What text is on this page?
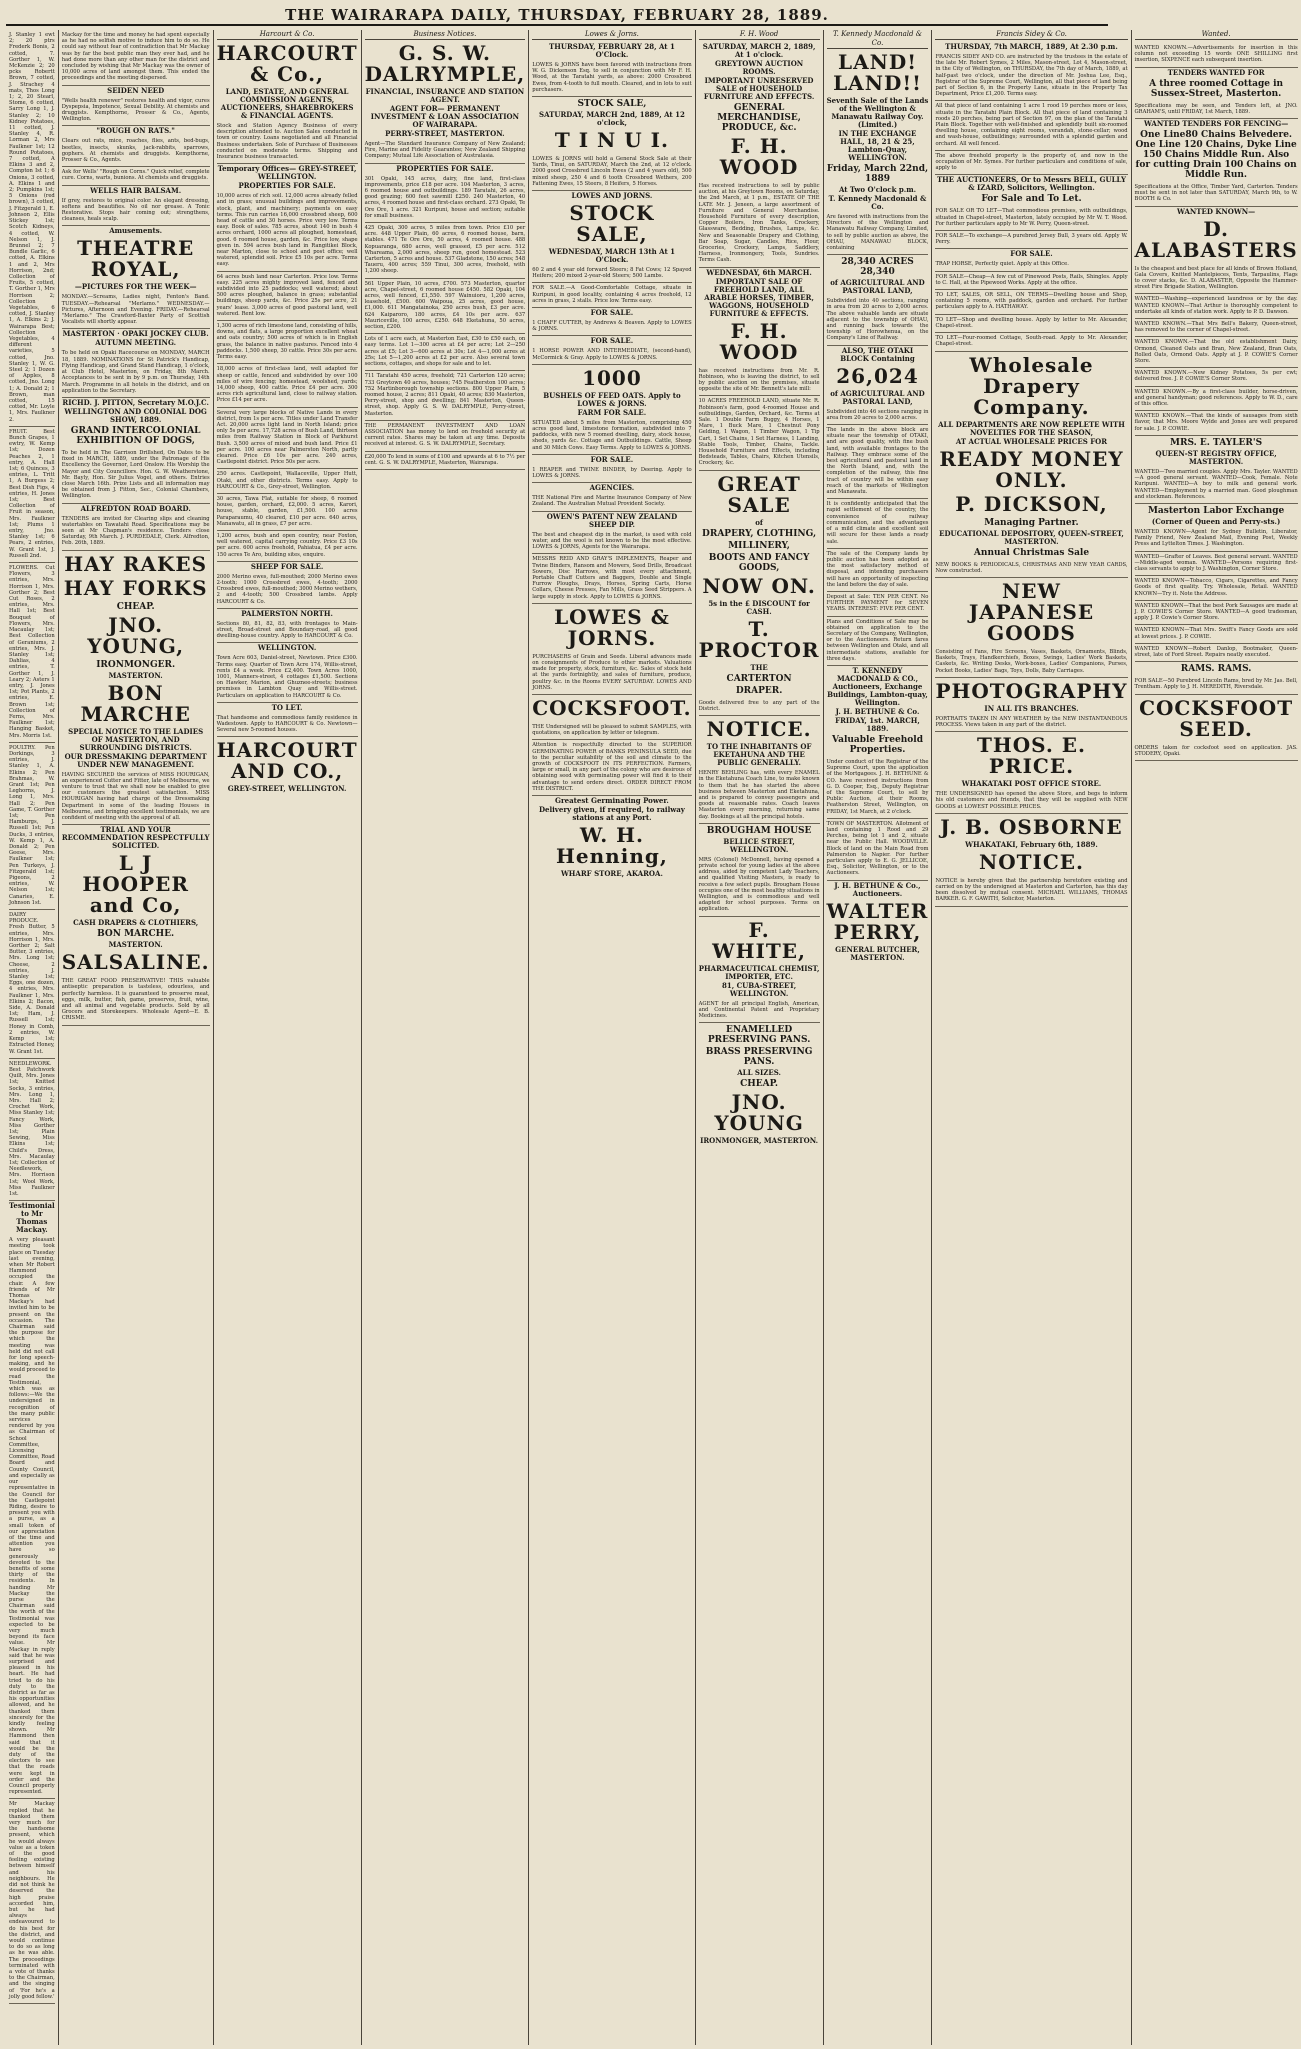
THE WAIRARAPA DAILY, THURSDAY, FEBRUARY 28, 1889.
J. Stanley 1 ewt 2; 20 ptrs Frederk Bonis, 2 cotted, 7. Gorther 1, W. McKenzie 2; 20 pcks Robertt Brown, 7 cotted, J. Strachey 4 mats, Thos Long 1; 2, 20 Stearl, Stome, 6 cotted, Sarry Long 1, J. Stanley 2; 10 Kidney Potatoes, 11 cotted, J. Stanley 4, R. Lorman 2, Mrs Faulkner 1st; 12 Round Potatoes, 7 cotted, A Elkins 3 and 2, Compton Ist 1; 6 Onions, 3 cotted, A. Elkins 1 and 2; Pumpkins 1st; 5 Onions (red brown), 3 cotted, J. Fitzgerald 1, E. Johnson 2, Ellis Stickey 1st; Scotch Kidneys, 4 cotted, W. Nelson 1, J. Brunnel 2; 7 Bundle Garlic, 6 cotted, A. Elkins 1 and 2, Mrs Horrison, 2nd; Collection of Fruits, 5 cotted, T. Gorther 1, Mrs Horrison 2; Collection Vegetables, 6 cotted, J. Stanley 1, A. Elkins 2; J. Wairarapa Best; Collection Vegetables, 4 different varieties, 5 cotted, Jno. Stanley 1, W. G. Steel 2; 1 Dozen of Apples, 8 cotted, Jno. Long 1; A. Donald 2; 1 Brown, man cotted, 15 cotted, Mr. Loyle 1, Mrs. Faulkner 2.
FRUIT. Best Bunch Grapes, 1 ewtry, W. Kemp 1st; Dozen Peaches 2, 1 entry, A. Hall 1st; 6 Quinces, 3 entries, L. Tritt 1, A Burgess 2; Best Dish Figs, 4 entries, H. Jones 1st; Best Collection of Fruit in season, Mrs. Faulkner 1st; Plums 1 entry, Jno. Stanley 1st; 6 Pears, 2 entries, W. Grant 1st, J. Russell 2nd.
FLOWERS. Cut Flowers, 3 entries, Mrs. Horrison 1, Mrs. Gorther 2; Best Cut Roses, 2 entries, Mrs. Hall 1st; Best Bouquet of Flowers, Mrs. Macaulay 1st; Best Collection of Geraniums, 2 entries, Mrs. J. Stanley 1st; Dahlias, 4 entries, T. Gorther 1, J. Leary 2; Asters 1 entry, J. Jones 1st; Pot Plants, 2 entries, E. Brown 1st; Collection of Ferns, Mrs. Faulkner 1st; Hanging Basket, Mrs. Morris 1st.
POULTRY. Pen Dorkings, 3 entries, J. Stanley 1, A. Elkins 2; Pen Brahmas, W. Grant 1st; Pen Leghorns, J. Long 1, Mrs. Hall 2; Pen Game, T. Gorther 1st; Pen Hamburgs, J. Russell 1st; Pen Ducks, 3 entries, W. Kemp 1, A. Donald 2; Pen Geese, Mrs. Faulkner 1st; Pen Turkeys, J. Fitzgerald 1st; Pigeons, 2 entries, W. Nelson 1st; Canaries, E. Johnson 1st.
DAIRY PRODUCE. Fresh Butter, 5 entries, Mrs. Horrison 1, Mrs. Gorther 2; Salt Butter, 3 entries, Mrs. Long 1st; Cheese, 2 entries, J. Stanley 1st; Eggs, one dozen, 4 entries, Mrs. Faulkner 1, Mrs. Elkins 2; Bacon, Side, A. Donald 1st; Ham, J. Russell 1st; Honey in Comb, 2 entries, W. Kemp 1st; Extracted Honey, W. Grant 1st.
NEEDLEWORK. Best Patchwork Quilt, Mrs. Jones 1st; Knitted Socks, 3 entries, Mrs. Long 1, Mrs. Hall 2; Crochet Work, Miss Stanley 1st; Fancy Work, Miss Gorther 1st; Plain Sewing, Miss Elkins 1st; Child's Dress, Mrs. Macaulay 1st; Collection of Needlework, Mrs. Horrison 1st; Wool Work, Miss Faulkner 1st.
Testimonial to Mr Thomas Mackay.
A very pleasant meeting took place on Tuesday last evening, when Mr Robert Hammond occupied the chair. A few friends of Mr Thomas Mackay's had invited him to be present on the occasion. The Chairman said the purpose for which the meeting was held did not call for long speech-making, and he would proceed to read the Testimonial, which was as follows:—We the undersigned in recognition of the many public services rendered by you as Chairman of School Committee, Licensing Committee, Road Board and County Council, and especially as our representative in the Council for the Castlepoint Riding, desire to present you with a purse, as a small token of our appreciation of the time and attention you have so generously devoted to the benefits of some thirty of the residents. In handing Mr Mackay the purse the Chairman said the worth of the Testimonial was expected to be very much beyond its face value. Mr Mackay in reply said that he was surprised and pleased in his heart. He had tried to do his duty to the district as far as his opportunities allowed, and he thanked them sincerely for the kindly feeling shown. Mr Hammond then said that it would be the duty of the electors to see that the roads were kept in order and the Council properly represented.
Mr Mackay replied that he thanked them very much for the handsome present, which he would always value as a token of the good feeling existing between himself and his neighbours. He did not think he deserved the high praise accorded him, but he had always endeavoured to do his best for the district, and would continue to do so as long as he was able. The proceedings terminated with a vote of thanks to the Chairman, and the singing of 'For he's a jolly good fellow.'
Mackay for the time and money he had spent especially as he had no selfish motive to induce him to do so. He could say without fear of contradiction that Mr Mackay was by far the best public man they ever had, and he had done more than any other man for the district and concluded by wishing that Mr Mackay was the owner of 10,000 acres of land amongst them. This ended the proceedings and the meeting dispersed.
SEIDEN NEED
"Wells health renewer" restores health and vigor, cures Dyspepsia, Impotence, Sexual Debility. At chemists and druggists. Kempthorne, Prosser & Co., Agents, Wellington.
"ROUGH ON RATS."
Clears out rats, mice, roaches, flies, ants, bed-bugs, beetles, insects, skunks, jack-rabbits, sparrows, gophers. At chemists and druggists. Kempthorne, Prosser & Co., Agents.
Ask for Wells' "Rough on Corns." Quick relief, complete cure. Corns, warts, bunions. At chemists and druggists.
WELLS HAIR BALSAM.
If grey, restores to original color. An elegant dressing, softens and beautifies. No oil nor grease. A Tonic Restorative. Stops hair coming out; strengthens, cleanses, heals scalp.
Amusements.
THEATRE ROYAL,
—PICTURES FOR THE WEEK—
MONDAY.—Screams, Ladies night, Fenton's Band. TUESDAY.—Rehearsal "Merlamo." WEDNESDAY.—Pictures, Afternoon and Evening. FRIDAY.—Rehearsal "Merlamo." The Crawford-Baxter Party of Scottish Vocalists will shortly appear.
MASTERTON · OPAKI JOCKEY CLUB.
AUTUMN MEETING.
To be held on Opaki Racecourse on MONDAY, MARCH 18, 1889. NOMINATIONS for St Patrick's Handicap, Flying Handicap, and Grand Stand Handicap, 1 o'clock, at Club Hotel, Masterton, on Friday, 8th March. Acceptances to be sent in by 9 p.m. on Thursday, 14th March. Programme in all hotels in the district, and on application to the Secretary.
RICHD. J. PITTON, Secretary M.O.J.C.
WELLINGTON AND COLONIAL DOG SHOW, 1889.
GRAND INTERCOLONIAL EXHIBITION OF DOGS,
To be held in The Garrison Drillshed, On Dates to be fixed in MARCH, 1889, under the Patronage of His Excellency the Governor, Lord Onslow. His Worship the Mayor and City Councillors. Hon. G. W. Weatherstone, Mr. Bayly, Hon. Sir Julius Vogel, and others. Entries close March 16th. Prize Lists and all information may be obtained from J. Fitton, Sec., Colonial Chambers, Wellington.
ALFREDTON ROAD BOARD.
TENDERS are invited for Clearing slips and cleaning watertables on Tawatahi Road. Specifications may be seen at Mr Chapman's residence. Tenders close Saturday, 9th March. J. PURDEDALE, Clerk. Alfredton, Feb. 26th, 1889.
HAY RAKES
HAY FORKS
CHEAP.
JNO. YOUNG,
IRONMONGER.
MASTERTON.
BON MARCHE
SPECIAL NOTICE TO THE LADIES OF MASTERTON, AND SURROUNDING DISTRICTS.
OUR DRESSMAKING DEPARTMENT UNDER NEW MANAGEMENT.
HAVING SECURED the services of MISS HOURIGAN, an experienced Cutter and Fitter, late of Melbourne, we venture to trust that we shall now be enabled to give our customers the greatest satisfaction. MISS HOURIGAN having had charge of the Dressmaking Department in some of the leading Houses in Melbourne, and bringing excellent testimonials, we are confident of meeting with the approval of all.
TRIAL AND YOUR RECOMMENDATION RESPECTFULLY SOLICITED.
L J HOOPER and Co,
CASH DRAPERS & CLOTHIERS,
BON MARCHE.
MASTERTON.
SALSALINE.
THE GREAT FOOD PRESERVATIVE! THIS valuable antiseptic preparation is tasteless, odourless, and perfectly harmless. It is guaranteed to preserve meat, eggs, milk, butter, fish, game, preserves, fruit, wine, and all animal and vegetable products. Sold by all Grocers and Storekeepers. Wholesale Agent—E. B. CRISME.
Harcourt & Co.
HARCOURT & Co.,
LAND, ESTATE, AND GENERAL COMMISSION AGENTS, AUCTIONEERS, SHAREBROKERS & FINANCIAL AGENTS.
Stock and Station Agency Business of every description attended to. Auction Sales conducted in town or country. Loans negotiated and all Financial Business undertaken. Sole of Purchase of Businesses conducted on moderate terms. Shipping and Insurance business transacted.
Temporary Offices— GREY-STREET, WELLINGTON.
PROPERTIES FOR SALE.
10,000 acres of rich soil. 12,000 acres already felled and in grass; unusual buildings and improvements, stock, plant, and machinery; payments on easy terms. This run carries 16,000 crossbred sheep, 600 head of cattle and 30 horses. Price very low. Terms easy. Book of sales. 785 acres, about 140 in bush 4 acres orchard, 1000 acres all ploughed, homestead, good. 6 roomed house, garden, &c. Price low, shape given in. 594 acres bush land in Rangitikei Block, near Marton, close to school and post office; well watered, splendid soil. Price £5 10s per acre. Terms easy.
64 acres bush land near Carterton. Price low. Terms easy. 225 acres mighty improved land, fenced and subdivided into 25 paddocks; well watered; about 500 acres ploughed, balance in grass; substantial buildings, sheep yards, &c. Price 25s per acre, 21 years' lease. 3,000 acres of good pastoral land, well watered. Rent low.
1,300 acres of rich limestone land, consisting of hills, downs, and flats, a large proportion excellent wheat and oats country; 500 acres of which is in English grass, the balance in native pastures. Fenced into 4 paddocks. 1,500 sheep, 30 cattle. Price 30s per acre. Terms easy.
18,000 acres of first-class land, well adapted for sheep or cattle, fenced and subdivided by over 100 miles of wire fencing; homestead, woolshed, yards; 14,000 sheep, 400 cattle. Price £4 per acre. 300 acres rich agricultural land, close to railway station. Price £14 per acre.
Several very large blocks of Native Lands in every district, from 1s per acre. Titles under Land Transfer Act. 20,000 acres light land in North Island; price only 5s per acre. 17,728 acres of Bush Land, thirteen miles from Railway Station in Block of Parkhurst Bush. 3,500 acres of mixed and bush land. Price £1 per acre. 100 acres near Palmerston North, partly cleared. Price £6 10s per acre. 240 acres, Castlepoint district. Price 50s per acre.
250 acres. Castlepoint, Wallaceville, Upper Hutt, Otaki, and other districts. Terms easy. Apply to HARCOURT & Co., Grey-street, Wellington.
30 acres, Tawa Flat, suitable for sheep, 6 roomed house, garden, orchard, £2,000. 5 acres, Karori, house, stable, garden, £1,500. 100 acres Paraparaumu, 40 cleared, £10 per acre. 640 acres, Manawatu, all in grass, £7 per acre.
1,200 acres, bush and open country, near Foxton, well watered, capital carrying country. Price £3 10s per acre. 600 acres freehold, Pahiatua, £4 per acre. 150 acres Te Aro, building sites, enquire.
SHEEP FOR SALE.
2000 Merino ewes, full-mouthed; 2000 Merino ewes 2-tooth; 1000 Crossbred ewes, 4-tooth; 2000 Crossbred ewes, full-mouthed; 3000 Merino wethers, 2 and 4-tooth; 500 Crossbred lambs. Apply HARCOURT & Co.
PALMERSTON NORTH.
Sections 80, 81, 82, 83, with frontages to Main-street, Broad-street and Boundary-road, all good dwelling-house country. Apply to HARCOURT & Co.
WELLINGTON.
Town Acre 603, Daniel-street, Newtown. Price £300. Terms easy. Quarter of Town Acre 174, Willis-street, rents £4 a week. Price £2,400. Town Acres 1000, 1001, Manners-street, 4 cottages £1,500. Sections on Hawker, Marion, and Ghuznee-streets; business premises in Lambton Quay and Willis-street. Particulars on application to HARCOURT & Co.
TO LET.
That handsome and commodious family residence in Wadestown. Apply to HARCOURT & Co. Newtown—Several new 5-roomed houses.
HARCOURT AND CO.,
GREY-STREET, WELLINGTON.
Business Notices.
G. S. W. DALRYMPLE,
FINANCIAL, INSURANCE AND STATION AGENT.
AGENT FOR— PERMANENT INVESTMENT & LOAN ASSOCIATION OF WAIRARAPA.
PERRY-STREET, MASTERTON.
Agent—The Standard Insurance Company of New Zealand; Fire, Marine and Fidelity Guarantee; New Zealand Shipping Company; Mutual Life Association of Australasia.
PROPERTIES FOR SALE.
301 Opaki, 145 acres, dairy, fine land, first-class improvements, price £18 per acre. 104 Masterton, 3 acres, 6 roomed house and outbuildings. 189 Taratahi, 26 acres, good grazing; 600 feet sawmill £250. 240 Masterton, 40 acres, 4 roomed house and first-class orchard. 273 Opaki, Te Ore Ore, 1 acre. 321 Kuripuni, house and section; suitable for small business.
425 Opaki, 300 acres, 5 miles from town. Price £10 per acre. 448 Upper Plain, 60 acres, 6 roomed house, barn, stables. 471 Te Ore Ore, 50 acres, 4 roomed house. 488 Kopuaranga, 680 acres, well grassed, £5 per acre. 512 Whareama, 2,000 acres, sheep run, good homestead. 523 Carterton, 5 acres and house. 537 Gladstone, 150 acres; 548 Taueru, 400 acres; 559 Tinui, 300 acres, freehold, with 1,200 sheep.
561 Upper Plain, 10 acres, £700. 573 Masterton, quarter acre, Chapel-street, 6 roomed house £450. 582 Opaki, 104 acres, well fenced, £1,550. 597 Wainuioru, 1,200 acres, leasehold, £500. 600 Waipoua, 25 acres, good house, £1,000. 611 Mangatainoka, 250 acres bush, £3 per acre. 624 Kaiparoro, 180 acres, £4 10s per acre. 637 Mauriceville, 100 acres, £250. 648 Eketahuna, 50 acres, section, £200.
Lots of 1 acre each, at Masterton East, £30 to £50 each, on easy terms. Lot 1—300 acres at £4 per acre; Lot 2—250 acres at £5; Lot 3—600 acres at 30s; Lot 4—1,000 acres at 25s; Lot 5—1,200 acres at £2 per acre. Also several town sections, cottages, and shops for sale and to let.
711 Taratahi 450 acres, freehold; 721 Carterton 120 acres; 733 Greytown 40 acres, houses; 745 Featherston 100 acres; 752 Martinborough township sections. 800 Upper Plain, 5 roomed house, 2 acres; 811 Opaki, 40 acres; 830 Masterton, Perry-street, shop and dwelling; 841 Masterton, Queen-street, shop. Apply G. S. W. DALRYMPLE, Perry-street, Masterton.
THE PERMANENT INVESTMENT AND LOAN ASSOCIATION has money to lend on freehold security at current rates. Shares may be taken at any time. Deposits received at interest. G. S. W. DALRYMPLE, Secretary.
£20,000 To lend in sums of £100 and upwards at 6 to 7½ per cent. G. S. W. DALRYMPLE, Masterton, Wairarapa.
Lowes & Jorns.
THURSDAY, FEBRUARY 28, At 1 O'Clock.
LOWES & JORNS have been favored with instructions from W. G. Dickenson Esq. to sell in conjunction with Mr F. H. Wood, at the Taratahi yards, as above: 2000 Crossbred Ewes, from 4-tooth to full mouth. Cleared, and in lots to suit purchasers.
STOCK SALE,
SATURDAY, MARCH 2nd, 1889, At 12 o'clock,
T I N U I.
LOWES & JORNS will hold a General Stock Sale at their Yards, Tinui, on SATURDAY, March the 2nd, at 12 o'clock. 2000 good Crossbred Lincoln Ewes (2 and 4 years old), 500 mixed sheep, 250 4 and 6 tooth Crossbred Wethers, 200 Fattening Ewes, 15 Steers, 8 Heifers, 5 Horses.
LOWES AND JORNS.
STOCK SALE,
WEDNESDAY, MARCH 13th At 1 O'Clock.
60 2 and 4 year old forward Steers; 8 Fat Cows; 12 Spayed Heifers; 200 mixed 2-year-old Steers; 500 Lambs.
FOR SALE.—A Good-Comfortable Cottage, situate in Kuripuni, in good locality, containing 4 acres freehold, 12 acres in grass, 2 stalls. Price low. Terms easy.
FOR SALE.
1 CHAFF CUTTER, by Andrews & Beaven. Apply to LOWES & JORNS.
FOR SALE.
1 HORSE POWER AND INTERMEDIATE, (second-hand), McCormick & Gray. Apply to LOWES & JORNS.
1000
BUSHELS OF FEED OATS. Apply to LOWES & JORNS.
FARM FOR SALE.
SITUATED about 5 miles from Masterton, comprising 450 acres good land, limestone formation, subdivided into 7 paddocks, with new 5 roomed dwelling, dairy, stock house, sheds, yards &c. Cottage and Outbuildings. Cattle, Sheep and 30 Milch Cows. Easy Terms. Apply to LOWES & JORNS.
FOR SALE.
1 REAPER and TWINE BINDER, by Deering. Apply to LOWES & JORNS.
AGENCIES.
THE National Fire and Marine Insurance Company of New Zealand. The Australian Mutual Provident Society.
OWEN'S PATENT NEW ZEALAND SHEEP DIP.
The best and cheapest dip in the market, is used with cold water, and the wool is not known to be the most effective. LOWES & JORNS, Agents for the Wairarapa.
MESSRS REID AND GRAY'S IMPLEMENTS, Reaper and Twine Binders, Ransom and Mowers, Seed Drills, Broadcast Sowers, Disc Harrows, with most every attachment, Portable Chaff Cutters and Baggers, Double and Single Furrow Ploughs, Drays, Horses, Spring Carts, Horse Collars, Cheese Presses, Fan Mills, Grass Seed Strippers. A large supply in stock. Apply to LOWES & JORNS.
LOWES & JORNS.
PURCHASERS of Grain and Seeds. Liberal advances made on consignments of Produce to other markets. Valuations made for property, stock, furniture, &c. Sales of stock held at the yards fortnightly, and sales of furniture, produce, poultry &c. in the Rooms EVERY SATURDAY. LOWES AND JORNS.
COCKSFOOT.
THE Undersigned will be pleased to submit SAMPLES, with quotations, on application by letter or telegram.
Attention is respectfully directed to the SUPERIOR GERMINATING POWER of BANKS PENINSULA SEED, due to the peculiar suitability of the soil and climate to the growth of COCKSFOOT IN ITS PERFECTION. Farmers, large or small, in any part of the colony who are desirous of obtaining seed with germinating power will find it to their advantage to send orders direct. ORDER DIRECT FROM THE DISTRICT.
Greatest Germinating Power.
Delivery given, if required, to railway stations at any Port.
W. H. Henning,
WHARF STORE, AKAROA.
F. H. Wood
SATURDAY, MARCH 2, 1889, At 1 o'clock.
GREYTOWN AUCTION ROOMS.
IMPORTANT UNRESERVED SALE of HOUSEHOLD FURNITURE AND EFFECTS.
GENERAL MERCHANDISE, PRODUCE, &c.
F. H. WOOD
Has received instructions to sell by public auction, at his Greytown Rooms, on Saturday, the 2nd March, at 1 p.m., ESTATE OF THE LATE Mr. J. Jeneen, a large assortment of Furniture and General Merchandise. Household Furniture of every description, Copper Boilers, Iron Tanks, Crockery, Glassware, Bedding, Brushes, Lamps, &c. New and Seasonable Drapery and Clothing, Bar Soap, Sugar, Candles, Rice, Flour, Groceries, Crockery, Lamps, Saddlery, Harness, Ironmongery, Tools, Sundries. Terms Cash.
WEDNESDAY, 6th MARCH.
IMPORTANT SALE OF FREEHOLD LAND, ALL ARABLE HORSES, TIMBER, WAGGONS, HOUSEHOLD FURNITURE & EFFECTS.
F. H. WOOD
has received instructions from Mr. R. Robinson, who is leaving the district, to sell by public auction on the premises, situate opposite the site of Mr. Bennett's late mill:
10 ACRES FREEHOLD LAND, situate Mr. R. Robinson's farm, good 4-roomed House and outbuildings, Garden, Orchard, &c. Terms at Sale. 1 Double Farm Buggy, 4 Horses, 1 Mare, 1 Buck Mare, 1 Chestnut Pony Gelding, 1 Wagon, 1 Timber Wagon, 1 Tip Cart, 1 Set Chains, 1 Set Harness, 1 Landing, Stable Tools, Timber, Chains, Tackle. Household Furniture and Effects, including Bedsteads, Tables, Chairs, Kitchen Utensils, Crockery, &c.
GREAT SALE
of
DRAPERY, CLOTHING,
MILLINERY,
BOOTS AND FANCY GOODS,
NOW ON.
5s in the £ DISCOUNT for CASH.
T. PROCTOR
THE
CARTERTON
DRAPER.
Goods delivered free to any part of the District.
NOTICE.
TO THE INHABITANTS OF EKETAHUNA AND THE PUBLIC GENERALLY.
HENRY BEHLING has, with every ENAMEL in the Eketahuna Coach Line, to make known to them that he has started the above business between Masterton and Eketahuna, and is prepared to convey passengers and goods at reasonable rates. Coach leaves Masterton every morning, returning same day. Bookings at all the principal hotels.
BROUGHAM HOUSE
BELLICE STREET, WELLINGTON.
MRS (Colonel) McDonnell, having opened a private school for young ladies at the above address, aided by competent Lady Teachers, and qualified Visiting Masters, is ready to receive a few select pupils. Brougham House occupies one of the most healthy situations in Wellington, and is commodious and well adapted for school purposes. Terms on application.
F. WHITE,
PHARMACEUTICAL CHEMIST, IMPORTER, ETC.
81, CUBA-STREET, WELLINGTON.
AGENT for all principal English, American, and Continental Patent and Proprietary Medicines.
ENAMELLED PRESERVING PANS.
BRASS PRESERVING PANS.
ALL SIZES.
CHEAP.
JNO. YOUNG
IRONMONGER, MASTERTON.
T. Kennedy Macdonald & Co.
LAND! LAND!!
Seventh Sale of the Lands of the Wellington & Manawatu Railway Coy. (Limited.)
IN THE EXCHANGE HALL, 18, 21 & 25, Lambton-Quay, WELLINGTON.
Friday, March 22nd, 1889
At Two O'clock p.m.
T. Kennedy Macdonald & Co.
Are favored with instructions from the Directors of the Wellington and Manawatu Railway Company, Limited, to sell by public auction as above, the OHAU, MANAWAU BLOCK, containing
28,340 ACRES 28,340
of AGRICULTURAL AND PASTORAL LAND,
Subdivided into 40 sections, ranging in area from 20 acres to 2,000 acres. The above valuable lands are situate adjacent to the township of OHAU, and running back towards the township of Horowhenua, on the Company's Line of Railway.
ALSO, THE OTAKI BLOCK Containing
26,024
of AGRICULTURAL AND PASTORAL LAND,
Subdivided into 46 sections ranging in area from 20 acres to 2,000 acres.
The lands in the above block are situate near the township of OTAKI, and are good quality, with fine bush land, with available frontages to the Railway. They embrace some of the best agricultural and pastoral land in the North Island, and, with the completion of the railway, this fine tract of country will be within easy reach of the markets of Wellington and Manawatu.
It is confidently anticipated that the rapid settlement of the country, the convenience of railway communication, and the advantages of a mild climate and excellent soil will secure for these lands a ready sale.
The sale of the Company lands by public auction has been adopted as the most satisfactory method of disposal, and intending purchasers will have an opportunity of inspecting the land before the day of sale.
Deposit at Sale: TEN PER CENT. No FURTHER PAYMENT for SEVEN YEARS. INTEREST: FIVE PER CENT.
Plans and Conditions of Sale may be obtained on application to the Secretary of the Company, Wellington, or to the Auctioneers. Return fares between Wellington and Otaki, and all intermediate stations, available for three days.
T. KENNEDY MACDONALD & CO., Auctioneers, Exchange Buildings, Lambton-quay, Wellington.
J. H. BETHUNE & Co.
FRIDAY, 1st. MARCH, 1889.
Valuable Freehold Properties.
Under conduct of the Registrar of the Supreme Court, upon the application of the Mortgagees. J. H. BETHUNE & CO. have received instructions from G. D. Cooper, Esq., Deputy Registrar of the Supreme Court, to sell by Public Auction, at their Rooms, Featherston Street, Wellington, on FRIDAY, 1st March, at 2 o'clock.
TOWN OF MASTERTON. Allotment of land containing 1 Rood and 29 Perches, being lot 1 and 2, situate near the Public Hall. WOODVILLE. Block of land on the Main Road from Palmerston to Napier. For further particulars apply to E. G. JELLICOE, Esq., Solicitor, Wellington, or to the Auctioneers.
J. H. BETHUNE & Co., Auctioneers.
WALTER PERRY,
GENERAL BUTCHER, MASTERTON.
Francis Sidey & Co.
THURSDAY, 7th MARCH, 1889, At 2.30 p.m.
FRANCIS SIDEY AND CO. are instructed by the trustees in the estate of the late Mr. Robert Symes, 2 Miles, Mason-street, Lot 4, Mason-street, in the City of Wellington, on THURSDAY, the 7th day of March, 1889, at half-past two o'clock, under the direction of Mr. Joshua Lee, Esq., Registrar of the Supreme Court, Wellington, all that piece of land being part of Section 6, in the Property Lane, situate in the Property Tax Department, Price £1,200. Terms easy.
All that piece of land containing 1 acre 1 rood 19 perches more or less, situate in the Taratahi Plain Block. All that piece of land containing 3 roods 20 perches, being part of Section 97, on the plan of the Taratahi Plain Block. Together with well-finished and splendidly built six-roomed dwelling house, containing eight rooms, verandah, stone-cellar; wood and wash-house, outbuildings; surrounded with a splendid garden and orchard. All well fenced.
The above freehold property is the property of, and now in the occupation of Mr. Symes. For further particulars and conditions of sale, apply to
THE AUCTIONEERS, Or to Messrs BELL, GULLY & IZARD, Solicitors, Wellington.
For Sale and To Let.
FOR SALE OR TO LET—That commodious premises, with outbuildings, situated in Chapel-street, Masterton, lately occupied by Mr W. T. Wood. For further particulars apply to Mr W. Perry, Queen-street.
FOR SALE—To exchange—A purebred Jersey Bull, 3 years old. Apply W. Perry.
FOR SALE.
TRAP HORSE, Perfectly quiet. Apply at this Office.
FOR SALE—Cheap—A few cut of Pinewood Posts, Rails, Shingles. Apply to C. Hall, at the Pipewood Works. Apply at the office.
TO LET, SALES, OR SELL, ON TERMS—Dwelling house and Shop, containing 5 rooms, with paddock, garden and orchard. For further particulars apply to A. HATHAWAY.
TO LET—Shop and dwelling house. Apply by letter to Mr. Alexander, Chapel-street.
TO LET—Four-roomed Cottage, South-road. Apply to Mr. Alexander, Chapel-street.
Wholesale Drapery Company.
ALL DEPARTMENTS ARE NOW REPLETE WITH NOVELTIES FOR THE SEASON,
AT ACTUAL WHOLESALE PRICES FOR
READY MONEY ONLY.
P. DICKSON,
Managing Partner.
EDUCATIONAL DEPOSITORY, QUEEN-STREET, MASTERTON.
Annual Christmas Sale
NEW BOOKS & PERIODICALS, CHRISTMAS AND NEW YEAR CARDS, Now constructed.
NEW JAPANESE GOODS
Consisting of Fans, Fire Screens, Vases, Baskets, Ornaments, Blinds, Baskets, Trays, Handkerchiefs, Boxes, Swings, Ladies' Work Baskets, Caskets, &c. Writing Desks, Work-boxes, Ladies' Companions, Purses, Pocket Books, Ladies' Bags, Toys, Dolls, Baby Carriages.
PHOTOGRAPHY
IN ALL ITS BRANCHES.
PORTRAITS TAKEN IN ANY WEATHER by the NEW INSTANTANEOUS PROCESS. Views taken in any part of the district.
THOS. E. PRICE.
WHAKATAKI POST OFFICE STORE.
THE UNDERSIGNED has opened the above Store, and begs to inform his old customers and friends, that they will be supplied with NEW GOODS at LOWEST POSSIBLE PRICES.
J. B. OSBORNE
WHAKATAKI, February 6th, 1889.
NOTICE.
NOTICE is hereby given that the partnership heretofore existing and carried on by the undersigned at Masterton and Carterton, has this day been dissolved by mutual consent. MICHAEL WILLIAMS, THOMAS BARKER. G. F. GAWITH, Solicitor, Masterton.
Wanted.
WANTED KNOWN.—Advertisements for insertion in this column not exceeding 15 words ONE SHILLING first insertion, SIXPENCE each subsequent insertion.
TENDERS WANTED FOR
A three roomed Cottage in Sussex-Street, Masterton.
Specifications may be seen, and Tenders left, at JNO. GRAHAM'S, until FRIDAY, 1st March, 1889.
WANTED TENDERS FOR FENCING—
One Line80 Chains Belvedere. One Line 120 Chains, Dyke Line 150 Chains Middle Run. Also for cutting Drain 100 Chains on Middle Run.
Specifications at the Office, Timber Yard, Carterton. Tenders must be sent in not later than SATURDAY, March 9th, to W. BOOTH & Co.
WANTED KNOWN—
D. ALABASTERS
Is the cheapest and best place for all kinds of Brown Holland, Gala Covers, Knitted Mantelpieces, Tents, Tarpaulins, Flags to cover stacks, &c. D. ALABASTER, Opposite the Hammer-street Fire Brigade Station, Wellington.
WANTED—Washing—experienced laundress or by the day. WANTED KNOWN—That Arthur is thoroughly competent to undertake all kinds of station work. Apply to P. D. Dawson.
WANTED KNOWN.—That Mrs Bell's Bakery, Queen-street, has removed to the corner of Chapel-street.
WANTED KNOWN.—That the old establishment Dairy, Ormond, Cleaned Oats and Bran, New Zealand, Bran Oats, Rolled Oats, Ormond Oats. Apply at J. P. COWIE'S Corner Store.
WANTED KNOWN.—New Kidney Potatoes, 5s per cwt; delivered free. J. P. COWIE'S Corner Store.
WANTED KNOWN.—By a first-class builder, horse-driven, and general handyman; good references. Apply to W. D., care of this office.
WANTED KNOWN.—That the kinds of sausages from sixth flavor, that Mrs. Moore Wylde and Jones are well prepared for sale. J. P. COWIE.
MRS. E. TAYLER'S
QUEEN-ST REGISTRY OFFICE, MASTERTON.
WANTED—Two married couples. Apply Mrs. Tayler. WANTED—A good general servant. WANTED—Cook, Female. Note Kuripuni. WANTED—A boy to milk and general work. WANTED—Employment by a married man. Good ploughman and stockman. References.
Masterton Labor Exchange
(Corner of Queen and Perry-sts.)
WANTED KNOWN—Agent for Sydney Bulletin, Liberator, Family Friend, New Zealand Mail, Evening Post, Weekly Press and Lyttelton Times. J. Washington.
WANTED—Grafter of Leaves. Best general servant. WANTED—Middle-aged woman. WANTED—Persons requiring first-class servants to apply to J. Washington, Corner Store.
WANTED KNOWN—Tobacco, Cigars, Cigarettes, and Fancy Goods of first quality. Try. Wholesale, Retail. WANTED KNOWN—Try it. Note the Address.
WANTED KNOWN—That the best Pork Sausages are made at J. P. COWIE'S Corner Store. WANTED—A good tradesman, apply J. P. Cowie's Corner Store.
WANTED KNOWN—That Mrs. Swift's Fancy Goods are sold at lowest prices. J. P. COWIE.
WANTED KNOWN—Robert Danlop, Bootmaker, Queen-street, late of Ford Street. Repairs neatly executed.
RAMS. RAMS.
FOR SALE—50 Purebred Lincoln Rams, bred by Mr. Jas. Bell, Trentham. Apply to J. H. MEREDITH, Riversdale.
COCKSFOOT SEED.
ORDERS taken for cocksfoot seed on application. JAS. STODERY, Opaki.
